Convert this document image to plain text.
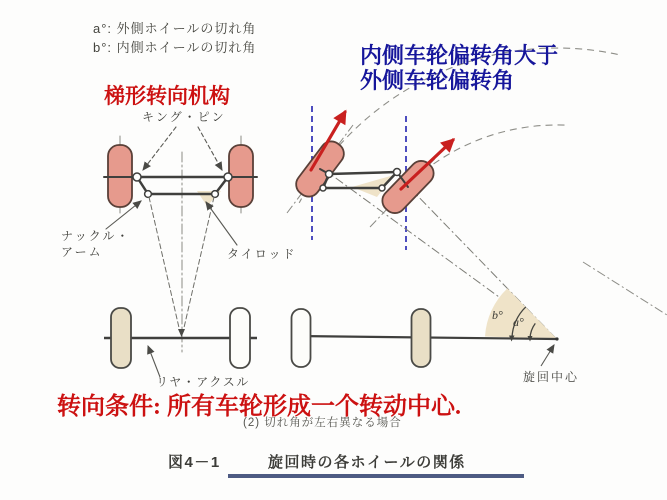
a°: 外側ホイールの切れ角
b°: 内側ホイールの切れ角
梯形转向机构
内侧车轮偏转角大于
外侧车轮偏转角
キング・ピン
ナックル・
アーム	タイロッド
リヤ・アクスル	旋回中心
b° a°
转向条件: 所有车轮形成一个转动中心.
(2) 切れ角が左右異なる場合
図4－1	旋回時の各ホイールの関係
